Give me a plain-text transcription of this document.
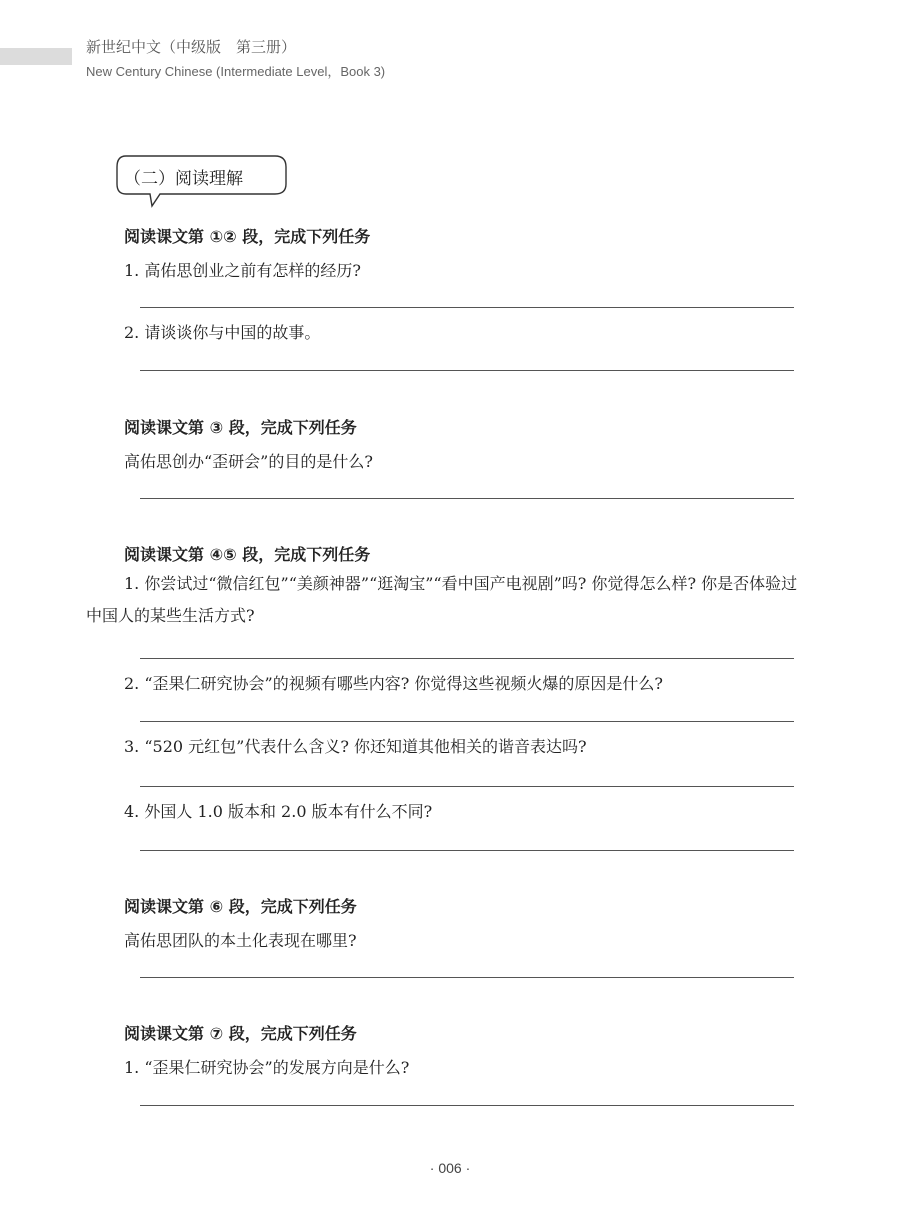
新世纪中文（中级版　第三册）
New Century Chinese (Intermediate Level，Book 3)
（二）阅读理解
阅读课文第 ①② 段，完成下列任务
1. 高佑思创业之前有怎样的经历?
2. 请谈谈你与中国的故事。
阅读课文第 ③ 段，完成下列任务
高佑思创办“歪研会”的目的是什么?
阅读课文第 ④⑤ 段，完成下列任务
1. 你尝试过“微信红包”“美颜神器”“逛淘宝”“看中国产电视剧”吗? 你觉得怎么样? 你是否体验过中国人的某些生活方式?
2. “歪果仁研究协会”的视频有哪些内容? 你觉得这些视频火爆的原因是什么?
3. “520 元红包”代表什么含义? 你还知道其他相关的谐音表达吗?
4. 外国人 1.0 版本和 2.0 版本有什么不同?
阅读课文第 ⑥ 段，完成下列任务
高佑思团队的本土化表现在哪里?
阅读课文第 ⑦ 段，完成下列任务
1. “歪果仁研究协会”的发展方向是什么?
· 006 ·
